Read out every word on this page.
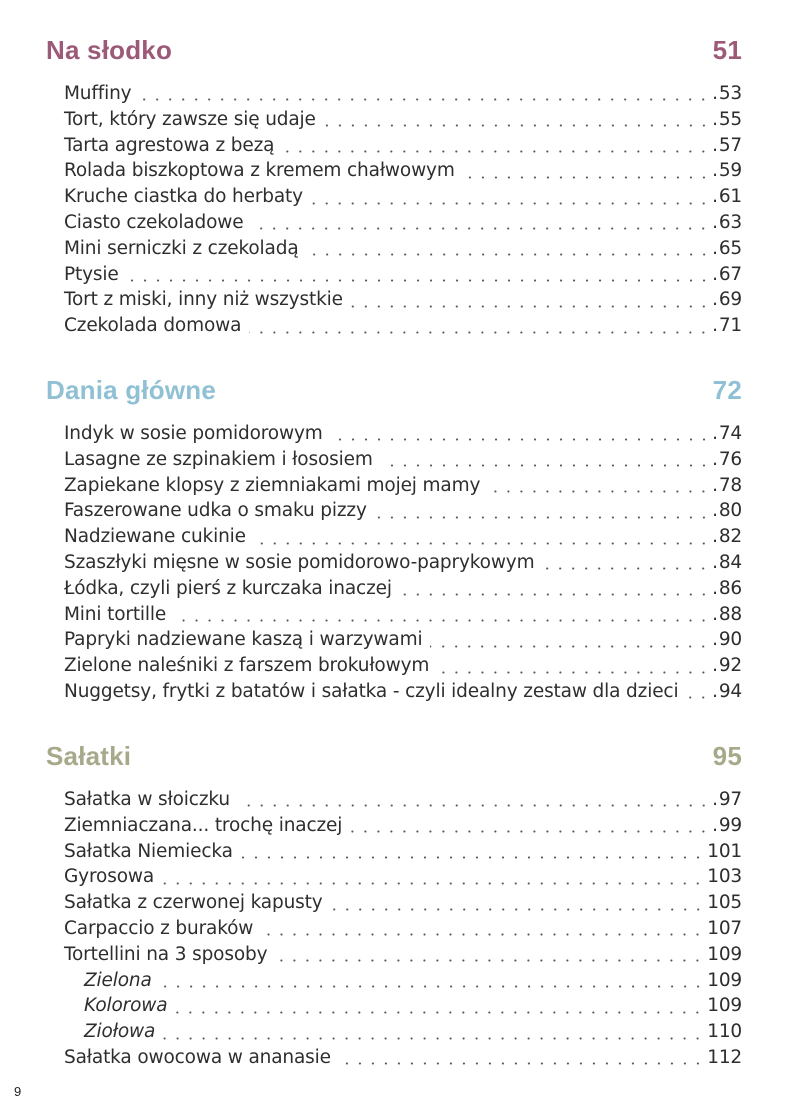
Na słodko	51
Muffiny	. 53
Tort, który zawsze się udaje	. 55
Tarta agrestowa z bezą	. 57
Rolada biszkoptowa z kremem chałwowym	. 59
Kruche ciastka do herbaty	. 61
Ciasto czekoladowe	. 63
Mini serniczki z czekoladą	. 65
Ptysie	. 67
Tort z miski, inny niż wszystkie	. 69
Czekolada domowa	. 71
Dania główne	72
Indyk w sosie pomidorowym	. 74
Lasagne ze szpinakiem i łososiem	. 76
Zapiekane klopsy z ziemniakami mojej mamy	. 78
Faszerowane udka o smaku pizzy	. 80
Nadziewane cukinie	. 82
Szaszłyki mięsne w sosie pomidorowo-paprykowym	. 84
Łódka, czyli pierś z kurczaka inaczej	. 86
Mini tortille	. 88
Papryki nadziewane kaszą i warzywami	. 90
Zielone naleśniki z farszem brokułowym	. 92
Nuggetsy, frytki z batatów i sałatka - czyli idealny zestaw dla dzieci	. 94
Sałatki	95
Sałatka w słoiczku	. 97
Ziemniaczana... trochę inaczej	. 99
Sałatka Niemiecka	101
Gyrosowa	103
Sałatka z czerwonej kapusty	105
Carpaccio z buraków	107
Tortellini na 3 sposoby	109
Zielona	109
Kolorowa	109
Ziołowa	110
Sałatka owocowa w ananasie	112
9
